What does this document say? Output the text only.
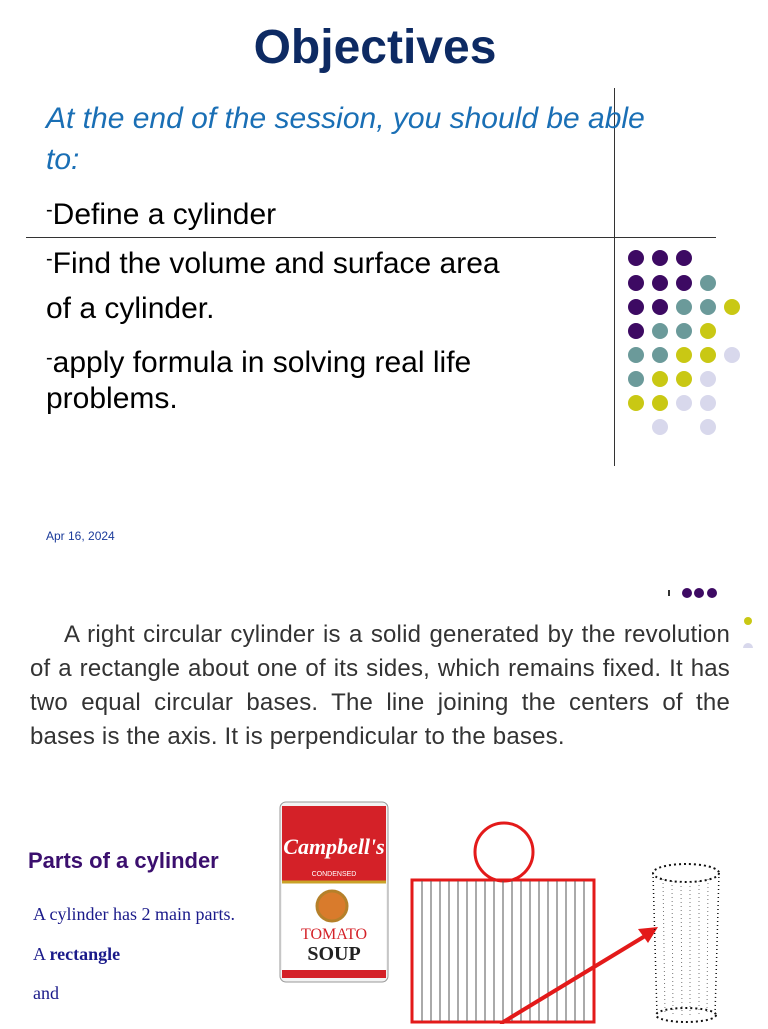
Objectives
At the end of the session, you should be able to:
-Define a cylinder
-Find the volume and surface area
of a cylinder.
-apply formula in solving real life
problems.
Apr 16, 2024
A right circular cylinder is a solid generated by the revolution of a rectangle about one of its sides, which remains fixed. It has two equal circular bases. The line joining the centers of the bases is the axis. It is perpendicular to the bases.
Parts of a cylinder
A cylinder has 2 main parts.
A rectangle
and
Campbell's
CONDENSED
TOMATO
SOUP
